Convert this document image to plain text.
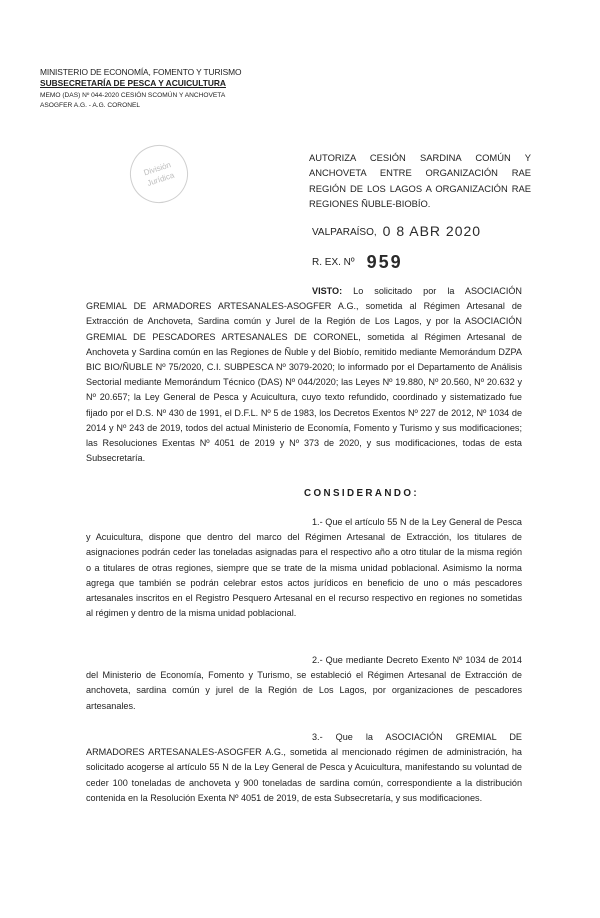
MINISTERIO DE ECONOMÍA, FOMENTO Y TURISMO
SUBSECRETARÍA DE PESCA Y ACUICULTURA
MEMO (DAS) Nº 044-2020 CESIÓN SCOMÚN Y ANCHOVETA
ASOGFER A.G. - A.G. CORONEL
División Jurídica
AUTORIZA CESIÓN SARDINA COMÚN Y ANCHOVETA ENTRE ORGANIZACIÓN RAE REGIÓN DE LOS LAGOS A ORGANIZACIÓN RAE REGIONES ÑUBLE-BIOBÍO.
VALPARAÍSO, 0 8 ABR 2020
R. EX. Nº 959
VISTO: Lo solicitado por la ASOCIACIÓN GREMIAL DE ARMADORES ARTESANALES-ASOGFER A.G., sometida al Régimen Artesanal de Extracción de Anchoveta, Sardina común y Jurel de la Región de Los Lagos, y por la ASOCIACIÓN GREMIAL DE PESCADORES ARTESANALES DE CORONEL, sometida al Régimen Artesanal de Anchoveta y Sardina común en las Regiones de Ñuble y del Biobío, remitido mediante Memorándum DZPA BIC BIO/ÑUBLE Nº 75/2020, C.I. SUBPESCA Nº 3079-2020; lo informado por el Departamento de Análisis Sectorial mediante Memorándum Técnico (DAS) Nº 044/2020; las Leyes Nº 19.880, Nº 20.560, Nº 20.632 y Nº 20.657; la Ley General de Pesca y Acuicultura, cuyo texto refundido, coordinado y sistematizado fue fijado por el D.S. Nº 430 de 1991, el D.F.L. Nº 5 de 1983, los Decretos Exentos Nº 227 de 2012, Nº 1034 de 2014 y Nº 243 de 2019, todos del actual Ministerio de Economía, Fomento y Turismo y sus modificaciones; las Resoluciones Exentas Nº 4051 de 2019 y Nº 373 de 2020, y sus modificaciones, todas de esta Subsecretaría.
CONSIDERANDO:
1.- Que el artículo 55 N de la Ley General de Pesca y Acuicultura, dispone que dentro del marco del Régimen Artesanal de Extracción, los titulares de asignaciones podrán ceder las toneladas asignadas para el respectivo año a otro titular de la misma región o a titulares de otras regiones, siempre que se trate de la misma unidad poblacional. Asimismo la norma agrega que también se podrán celebrar estos actos jurídicos en beneficio de uno o más pescadores artesanales inscritos en el Registro Pesquero Artesanal en el recurso respectivo en regiones no sometidas al régimen y dentro de la misma unidad poblacional.
2.- Que mediante Decreto Exento Nº 1034 de 2014 del Ministerio de Economía, Fomento y Turismo, se estableció el Régimen Artesanal de Extracción de anchoveta, sardina común y jurel de la Región de Los Lagos, por organizaciones de pescadores artesanales.
3.- Que la ASOCIACIÓN GREMIAL DE ARMADORES ARTESANALES-ASOGFER A.G., sometida al mencionado régimen de administración, ha solicitado acogerse al artículo 55 N de la Ley General de Pesca y Acuicultura, manifestando su voluntad de ceder 100 toneladas de anchoveta y 900 toneladas de sardina común, correspondiente a la distribución contenida en la Resolución Exenta Nº 4051 de 2019, de esta Subsecretaría, y sus modificaciones.
